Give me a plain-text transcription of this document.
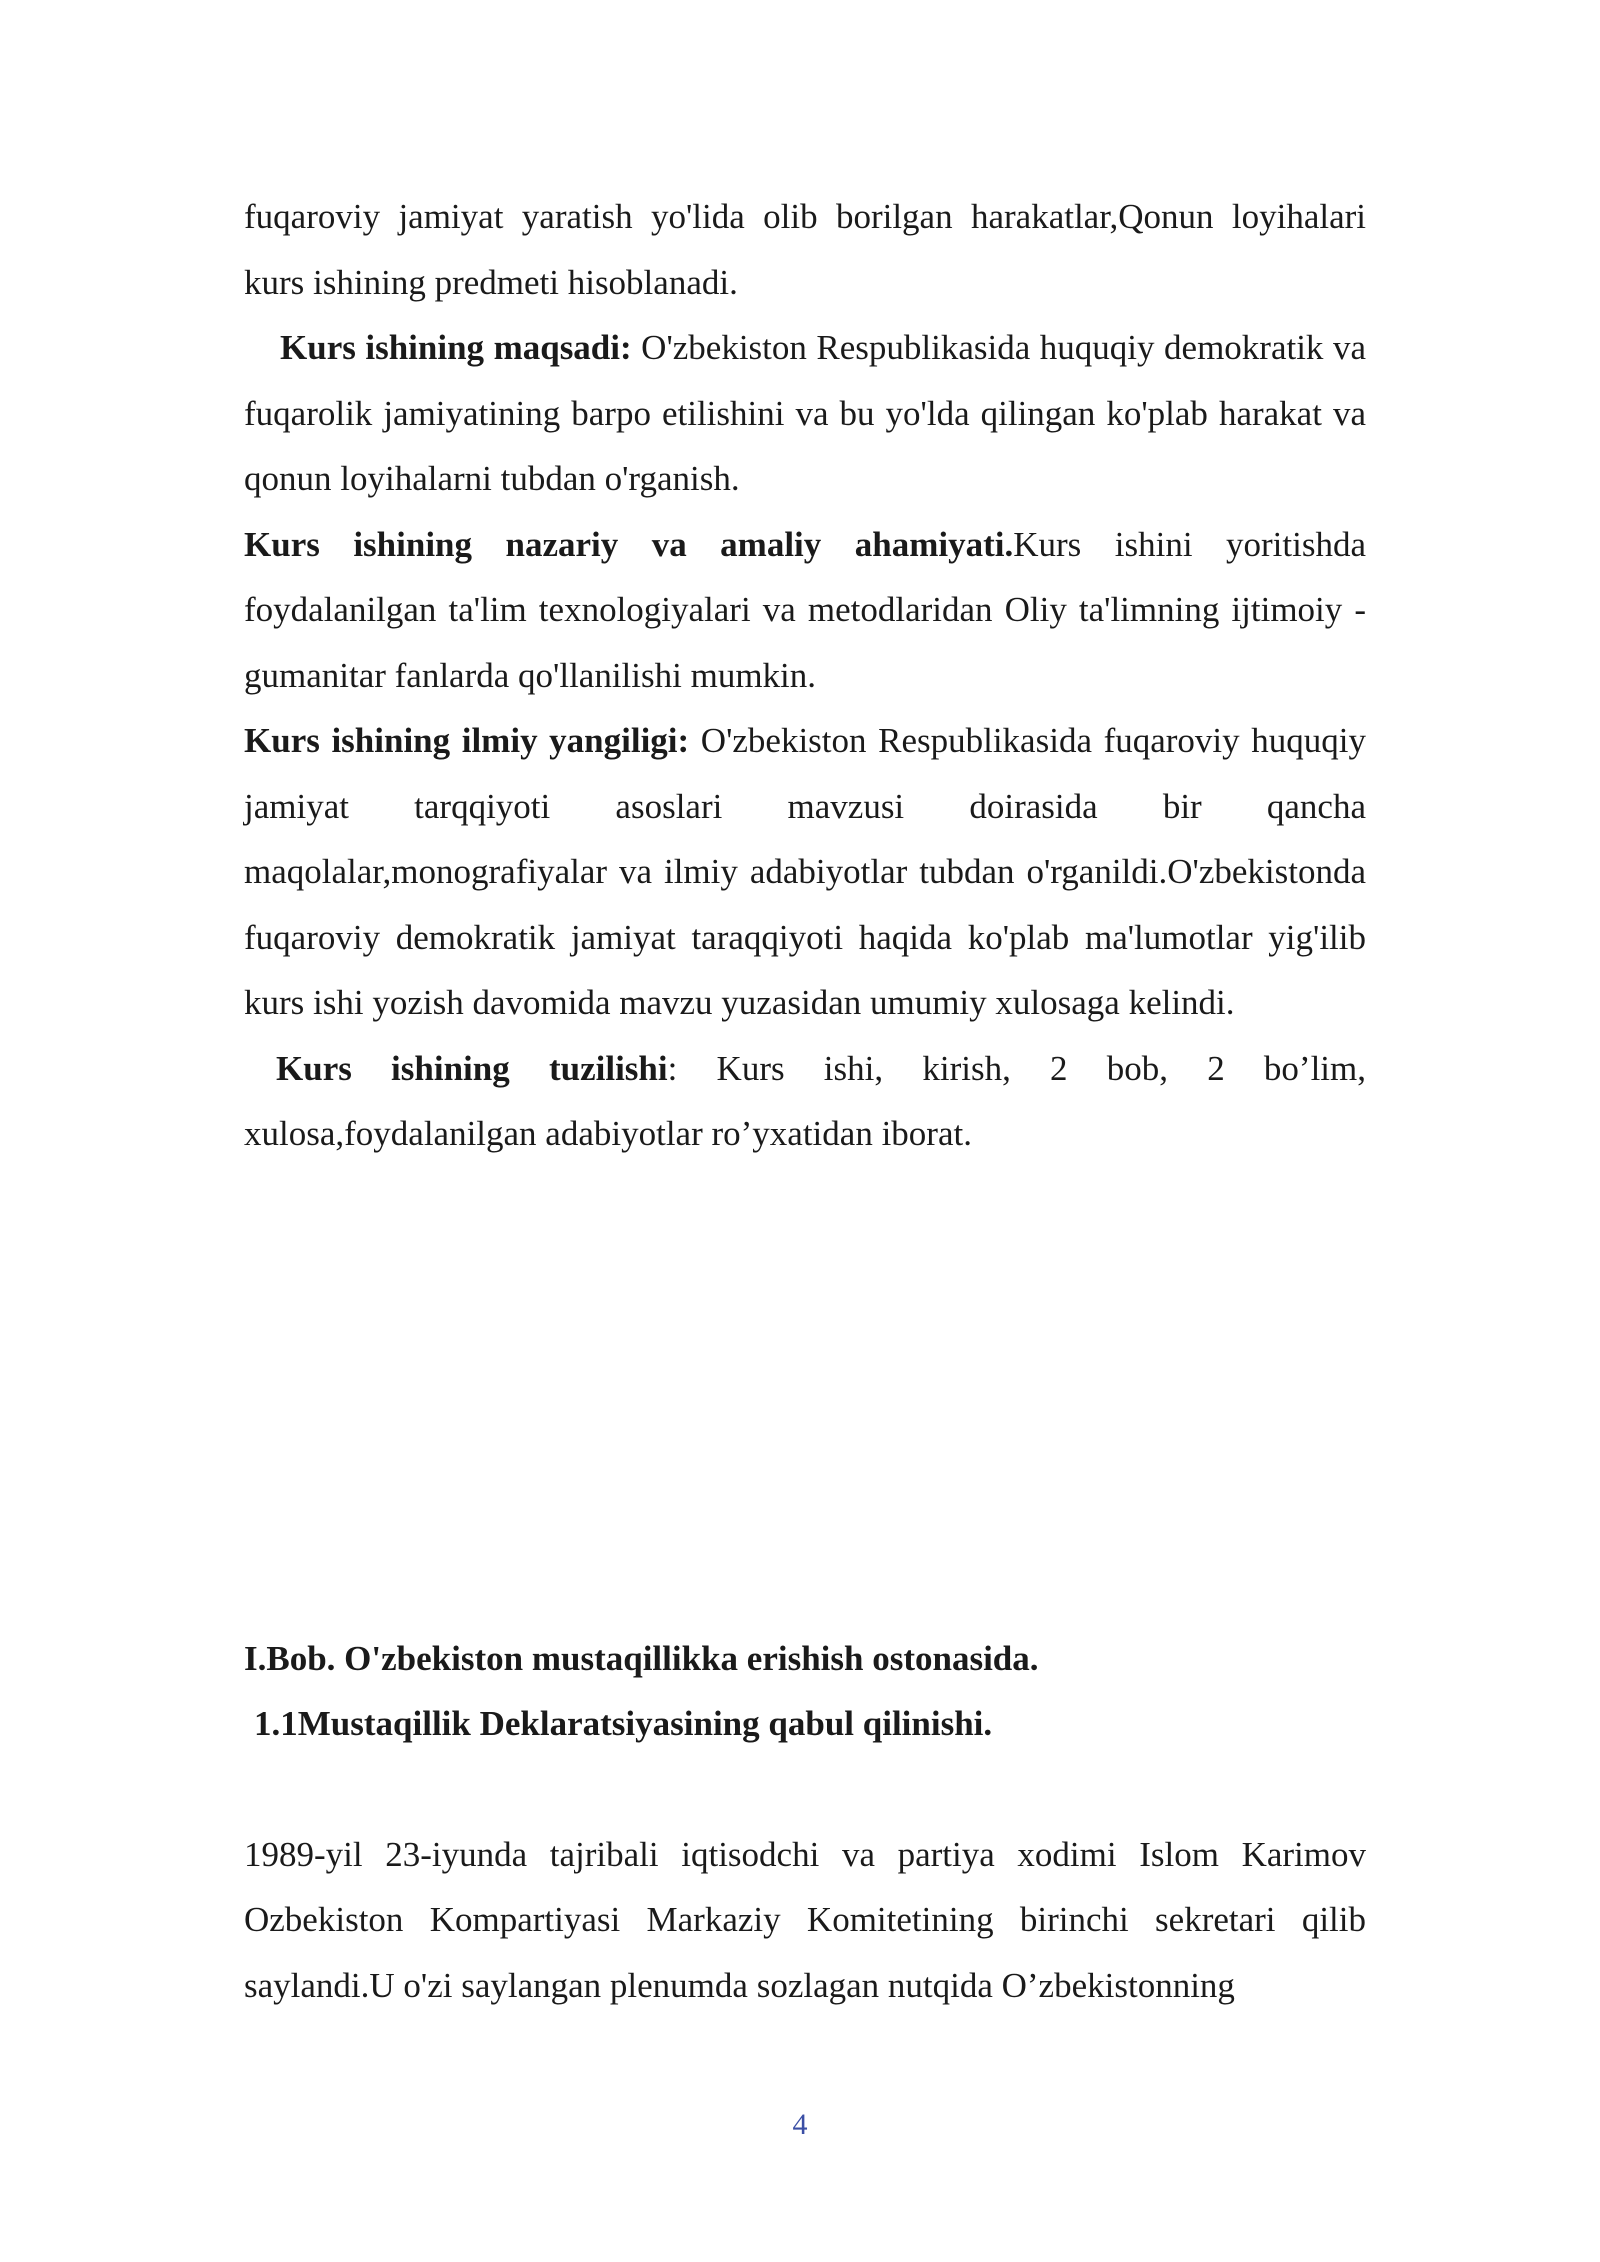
fuqaroviy jamiyat yaratish yo'lida olib borilgan harakatlar,Qonun loyihalari kurs ishining predmeti hisoblanadi.

Kurs ishining maqsadi: O'zbekiston Respublikasida huquqiy demokratik va fuqarolik jamiyatining barpo etilishini va bu yo'lda qilingan ko'plab harakat va qonun loyihalarni tubdan o'rganish.

Kurs ishining nazariy va amaliy ahamiyati.Kurs ishini yoritishda foydalanilgan ta'lim texnologiyalari va metodlaridan Oliy ta'limning ijtimoiy - gumanitar fanlarda qo'llanilishi mumkin.

Kurs ishining ilmiy yangiligi: O'zbekiston Respublikasida fuqaroviy huquqiy jamiyat tarqqiyoti asoslari mavzusi doirasida bir qancha maqolalar,monografiyalar va ilmiy adabiyotlar tubdan o'rganildi.O'zbekistonda fuqaroviy demokratik jamiyat taraqqiyoti haqida ko'plab ma'lumotlar yig'ilib kurs ishi yozish davomida mavzu yuzasidan umumiy xulosaga kelindi.

Kurs ishining tuzilishi: Kurs ishi, kirish, 2 bob, 2 bo’lim, xulosa,foydalanilgan adabiyotlar ro’yxatidan iborat.

I.Bob. O'zbekiston mustaqillikka erishish ostonasida.

1.1Mustaqillik Deklaratsiyasining qabul qilinishi.

1989-yil 23-iyunda tajribali iqtisodchi va partiya xodimi Islom Karimov Ozbekiston Kompartiyasi Markaziy Komitetining birinchi sekretari qilib saylandi.U o'zi saylangan plenumda sozlagan nutqida O’zbekistonning

4
